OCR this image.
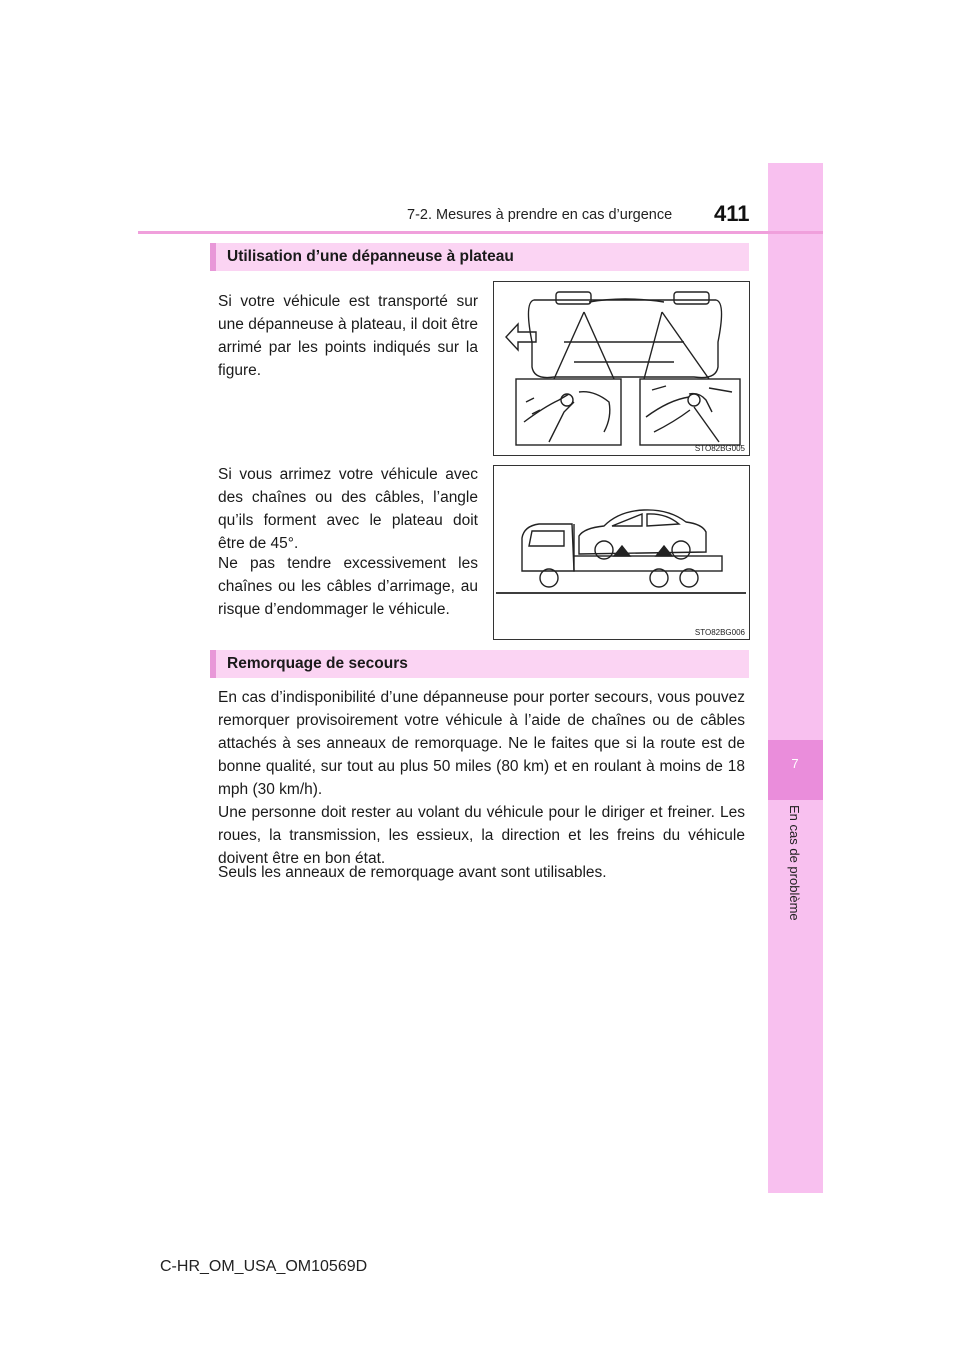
7
En cas de problème
7-2. Mesures à prendre en cas d’urgence 411
Utilisation d’une dépanneuse à plateau

Si votre véhicule est transporté sur une dépanneuse à plateau, il doit être arrimé par les points indiqués sur la figure.

Si vous arrimez votre véhicule avec des chaînes ou des câbles, l’angle qu’ils forment avec le plateau doit être de 45°.

Ne pas tendre excessivement les chaînes ou les câbles d’arrimage, au risque d’endommager le véhicule.

STO82BG005
STO82BG006
Remorquage de secours

En cas d’indisponibilité d’une dépanneuse pour porter secours, vous pouvez remorquer provisoirement votre véhicule à l’aide de chaînes ou de câbles attachés à ses anneaux de remorquage. Ne le faites que si la route est de bonne qualité, sur tout au plus 50 miles (80 km) et en roulant à moins de 18 mph (30 km/h).

Une personne doit rester au volant du véhicule pour le diriger et freiner. Les roues, la transmission, les essieux, la direction et les freins du véhicule doivent être en bon état.

Seuls les anneaux de remorquage avant sont utilisables.

C-HR_OM_USA_OM10569D
